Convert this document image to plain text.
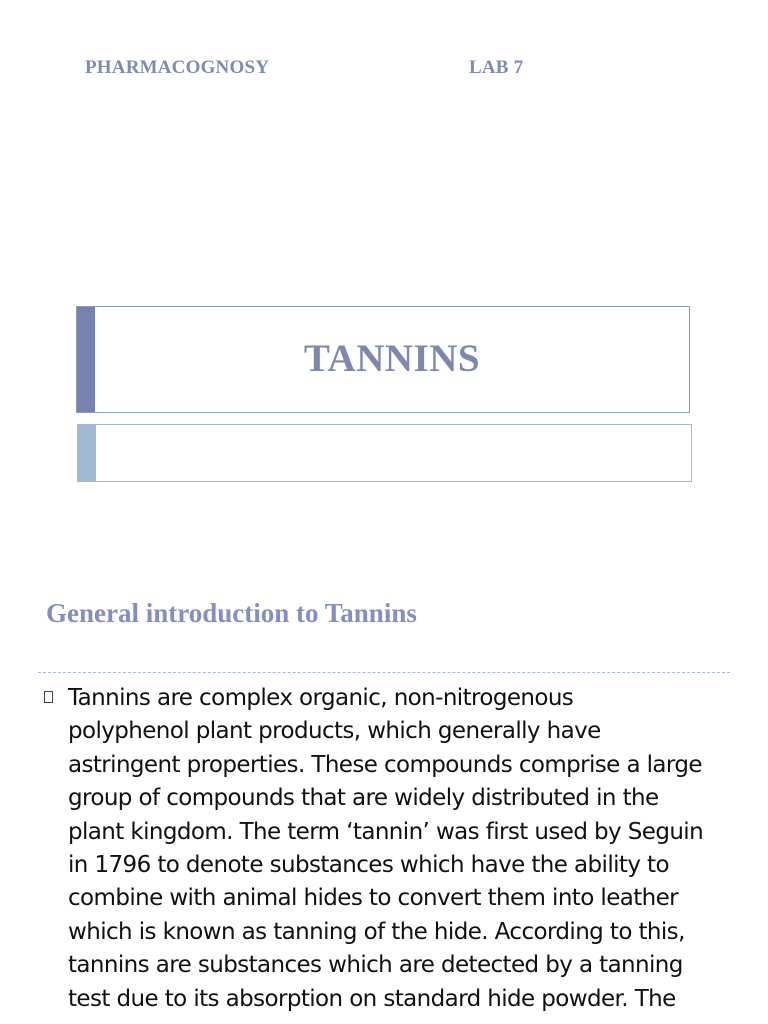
PHARMACOGNOSY	LAB 7
TANNINS
General introduction to Tannins

Tannins are complex organic, non-nitrogenous
polyphenol plant products, which generally have
astringent properties. These compounds comprise a large
group of compounds that are widely distributed in the
plant kingdom. The term ‘tannin’ was first used by Seguin
in 1796 to denote substances which have the ability to
combine with animal hides to convert them into leather
which is known as tanning of the hide. According to this,
tannins are substances which are detected by a tanning
test due to its absorption on standard hide powder. The
